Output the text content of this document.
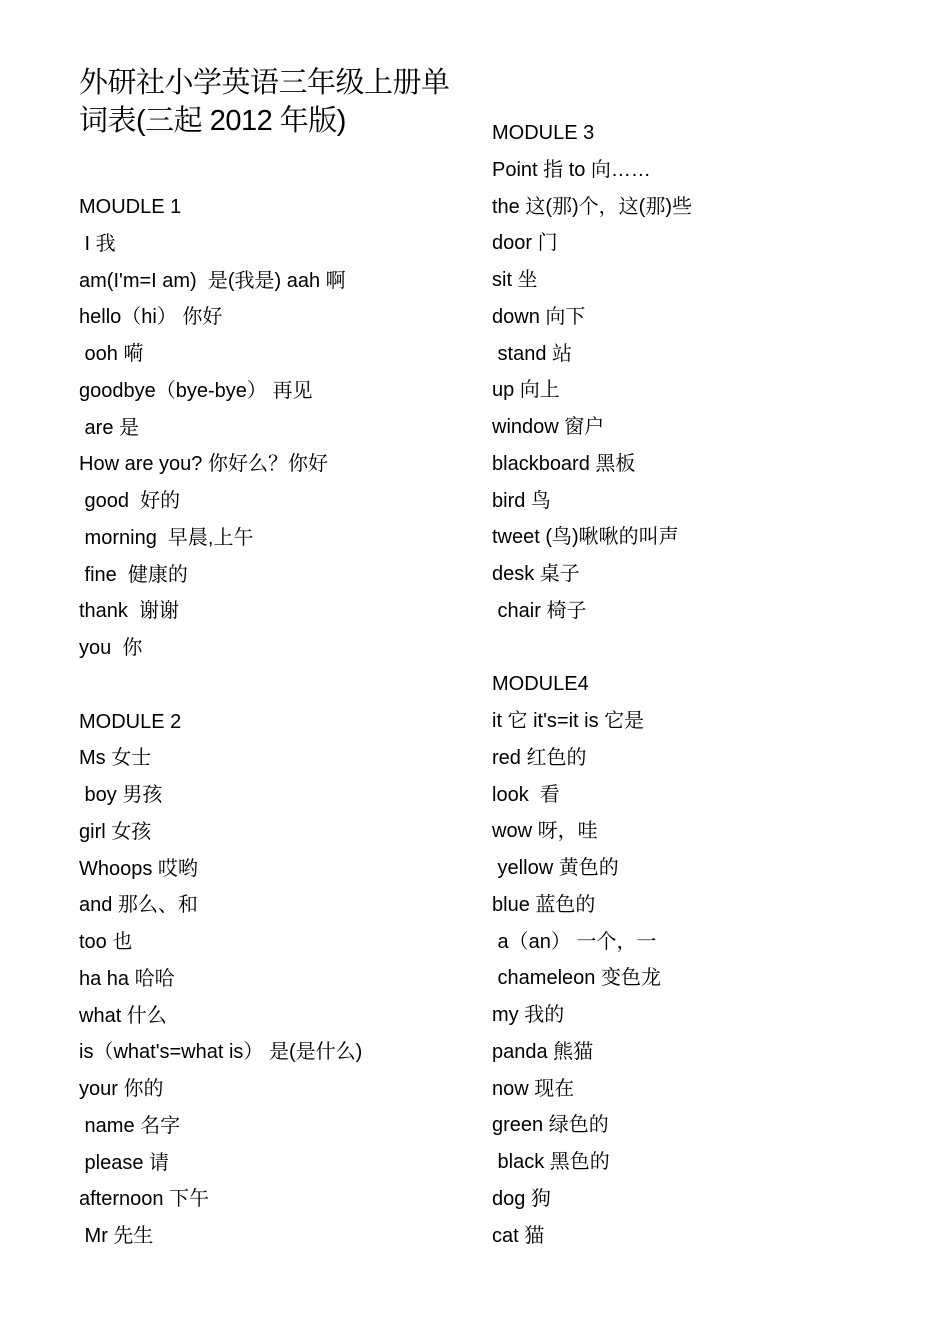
外研社小学英语三年级上册单
词表(三起 2012 年版)
MOUDLE 1
I 我
am(I'm=I am)  是(我是) aah 啊
hello（hi） 你好
ooh 嗬
goodbye（bye-bye） 再见
are 是
How are you? 你好么？你好
good  好的
morning  早晨,上午
fine  健康的
thank  谢谢
you  你
MODULE 2
Ms 女士
boy 男孩
girl 女孩
Whoops 哎哟
and 那么、和
too 也
ha ha 哈哈
what 什么
is（what's=what is） 是(是什么)
your 你的
name 名字
please 请
afternoon 下午
Mr 先生
MODULE 3
Point 指 to 向……
the 这(那)个，这(那)些
door 门
sit 坐
down 向下
stand 站
up 向上
window 窗户
blackboard 黑板
bird 鸟
tweet (鸟)啾啾的叫声
desk 桌子
chair 椅子
MODULE4
it 它 it's=it is 它是
red 红色的
look  看
wow 呀，哇
yellow 黄色的
blue 蓝色的
a（an） 一个，一
chameleon 变色龙
my 我的
panda 熊猫
now 现在
green 绿色的
black 黑色的
dog 狗
cat 猫
